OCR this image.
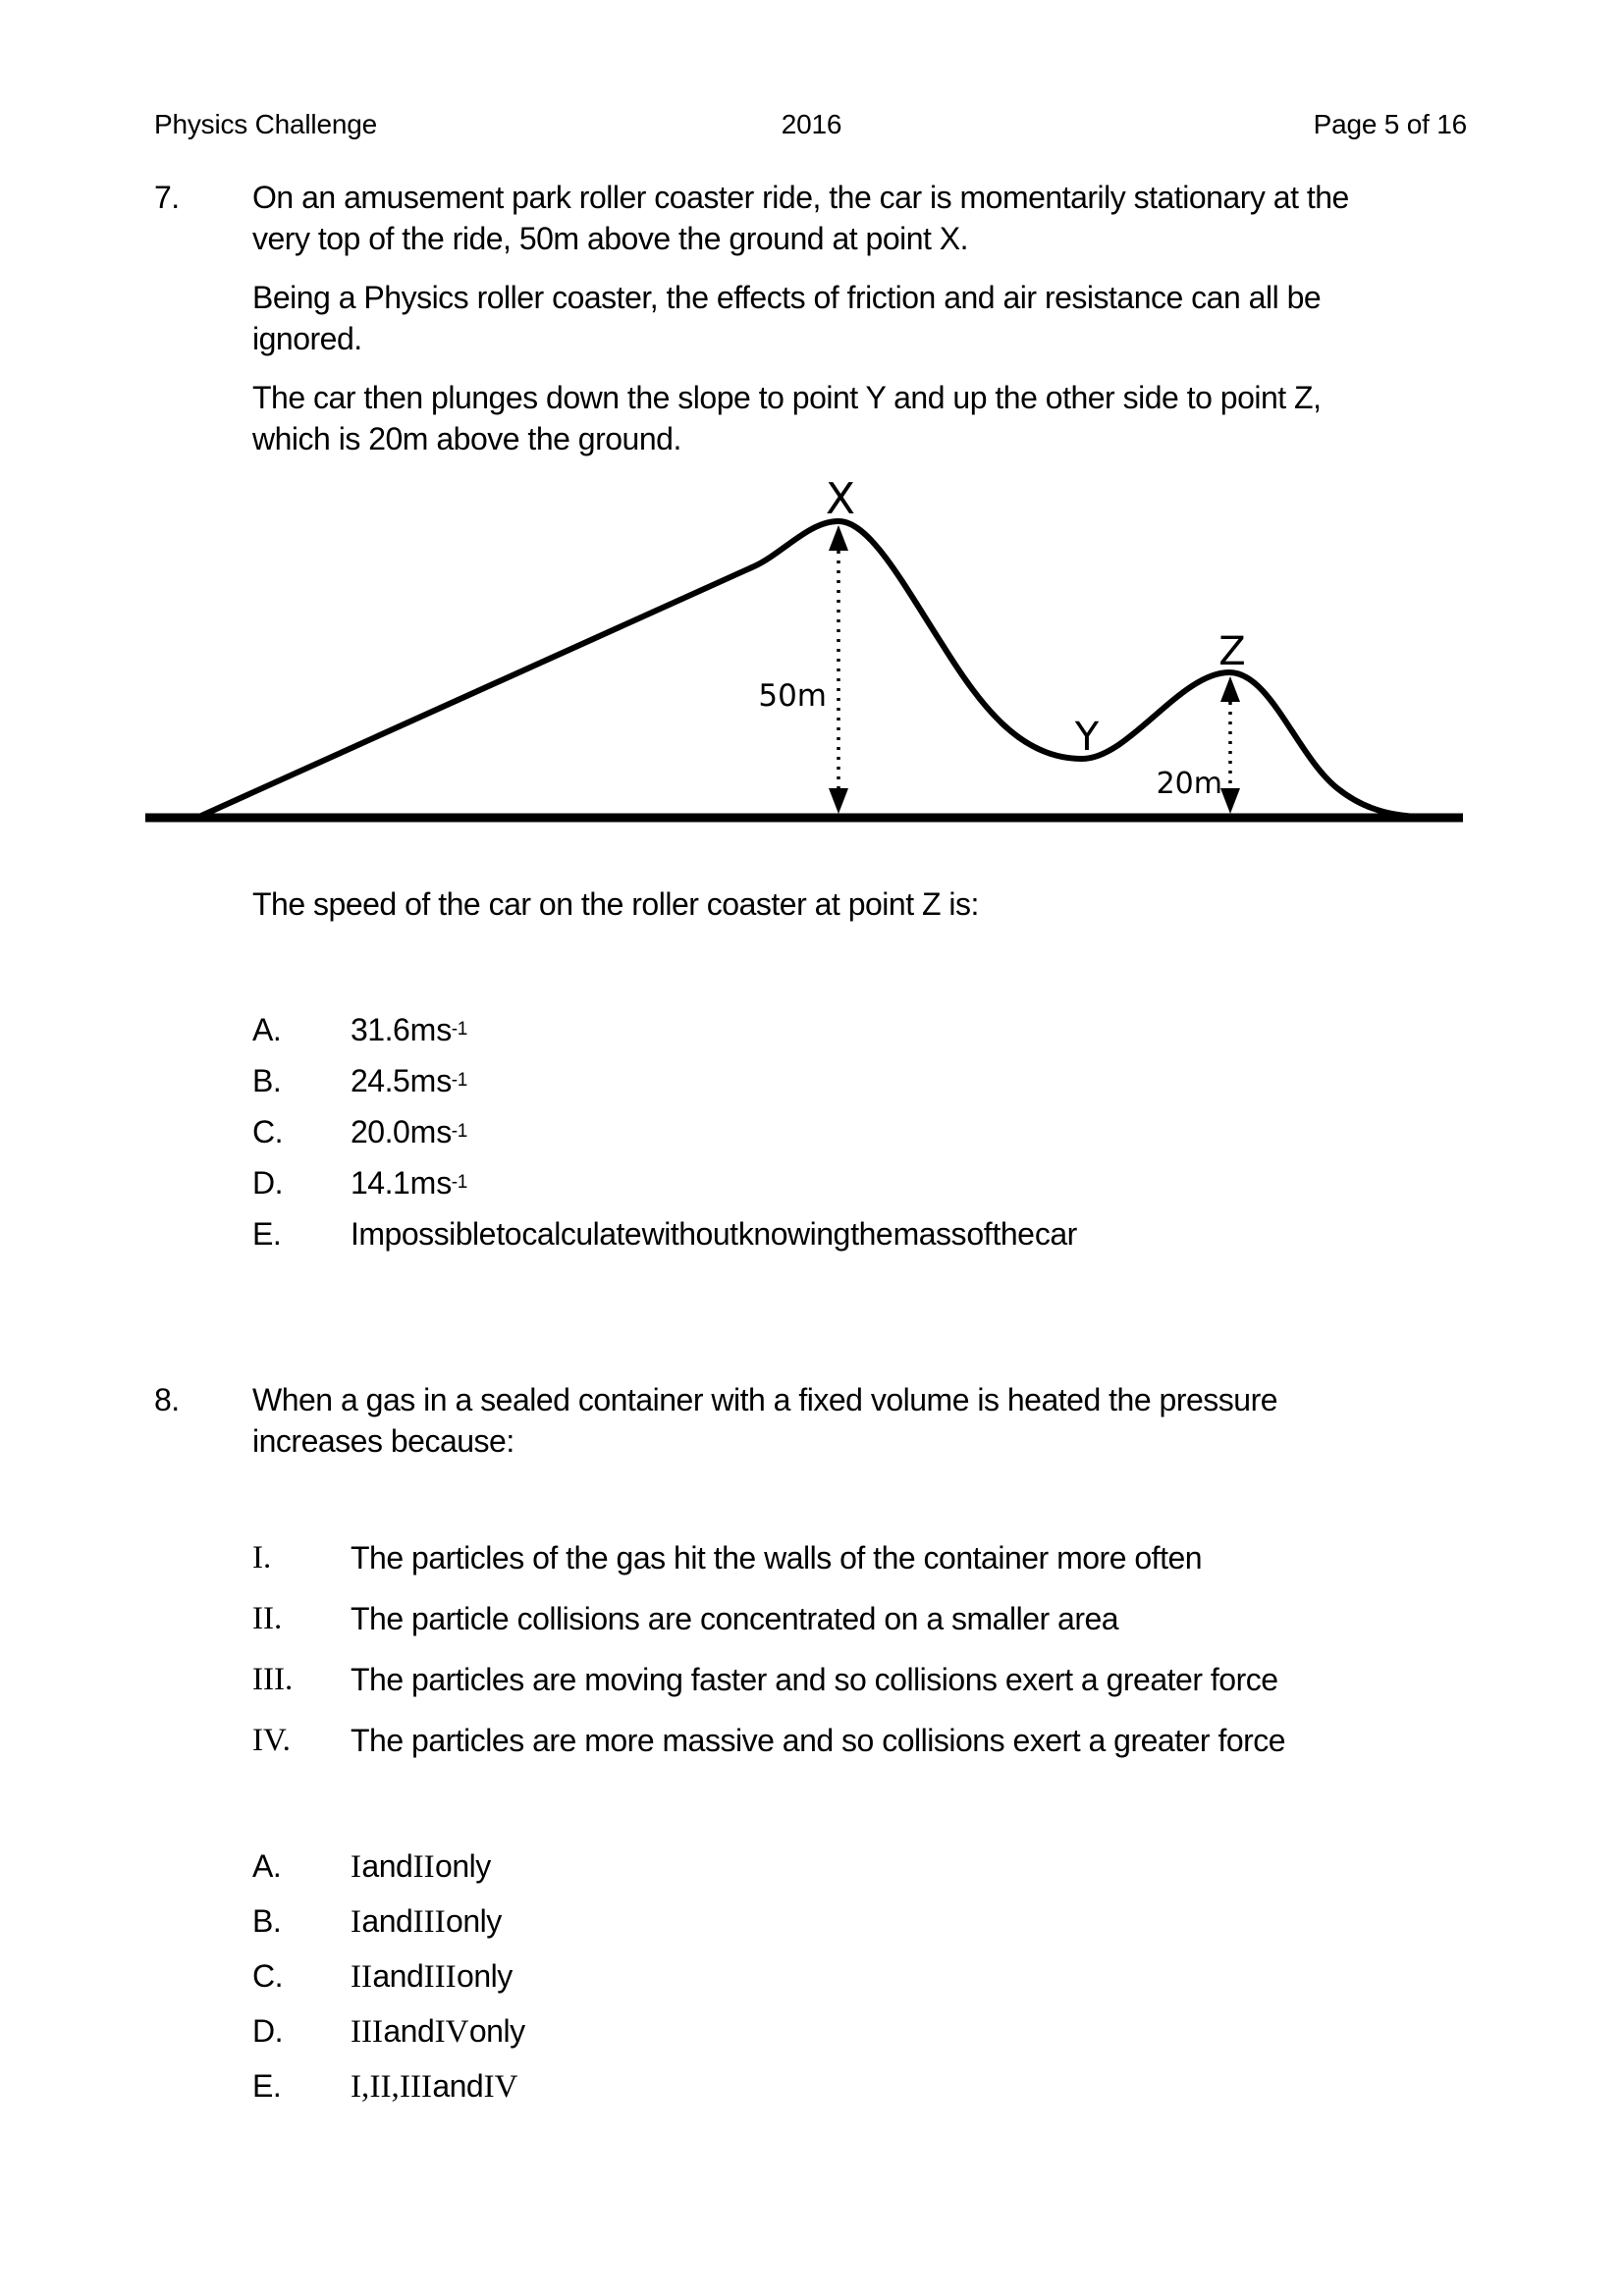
Physics Challenge	2016	Page 5 of 16
7.	On an amusement park roller coaster ride, the car is momentarily stationary at the
very top of the ride, 50m above the ground at point X.
Being a Physics roller coaster, the effects of friction and air resistance can all be
ignored.
The car then plunges down the slope to point Y and up the other side to point Z,
which is 20m above the ground.
X
Y
Z
50m
20m
The speed of the car on the roller coaster at point Z is:
A.	31.6 m $s^{-1}$
B.	24.5 m $s^{-1}$
C.	20.0 m $s^{-1}$
D.	14.1 m $s^{-1}$
E.	Impossible to calculate without knowing the mass of the car
8.	When a gas in a sealed container with a fixed volume is heated the pressure
increases because:
I.	The particles of the gas hit the walls of the container more often
II.	The particle collisions are concentrated on a smaller area
III.	The particles are moving faster and so collisions exert a greater force
IV.	The particles are more massive and so collisions exert a greater force
A.	I and II only
B.	I and III only
C.	II and III only
D.	III and IV only
E.	I, II, III and IV
